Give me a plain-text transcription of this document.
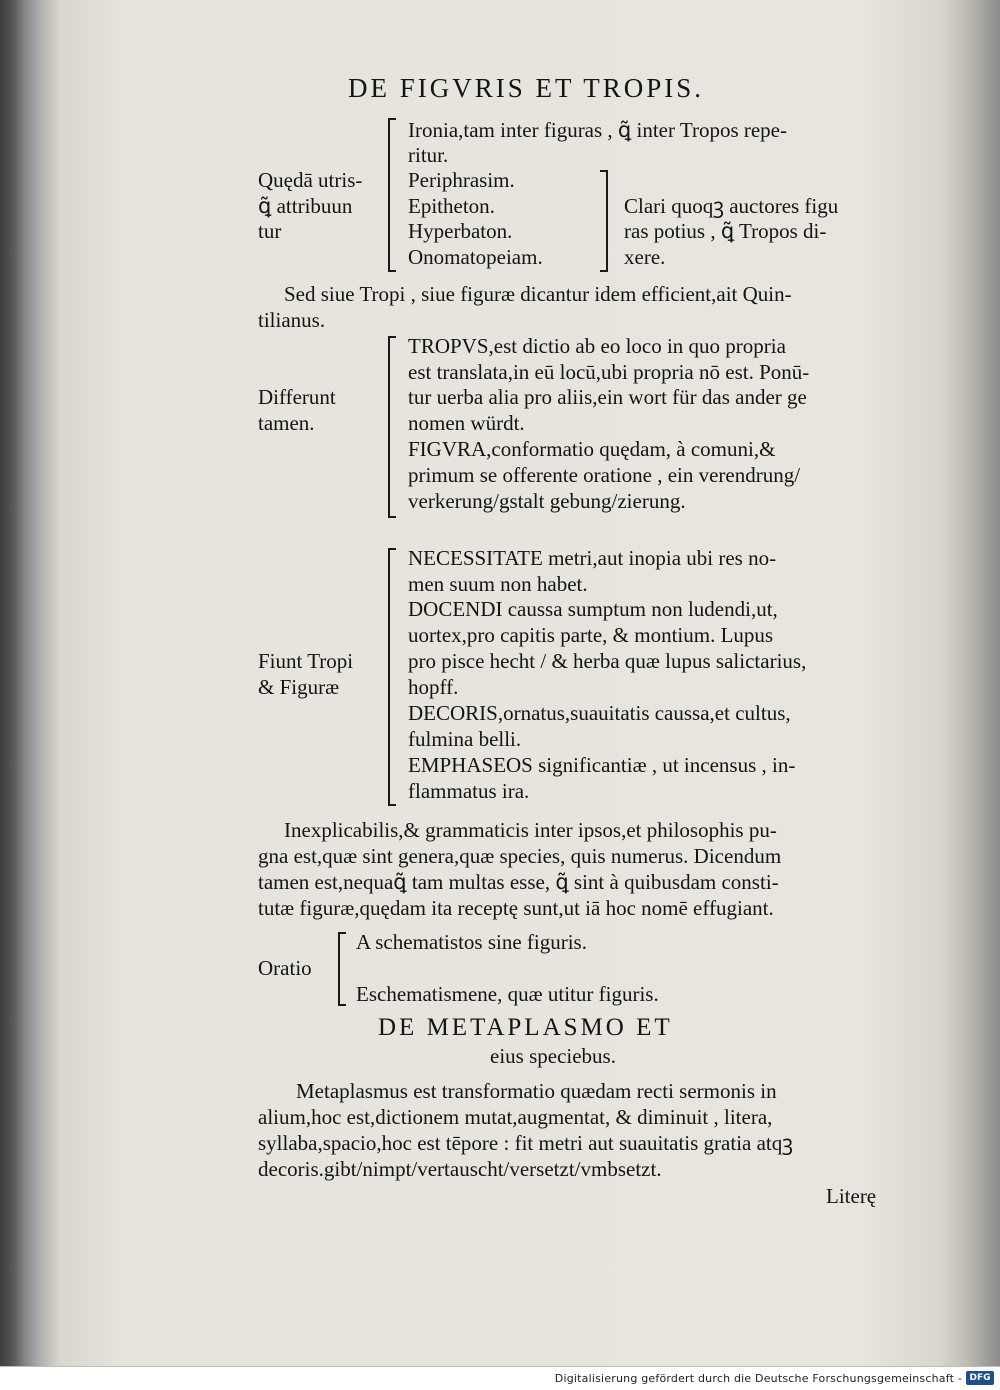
DE FIGVRIS ET TROPIS.
Ironia,tam inter figuras , ꝗ̃ inter Tropos repe-
ritur.
Periphrasim.
Epitheton.
Hyperbaton.
Onomatopeiam.
Quędā utris-
ꝗ̃ attribuun
tur
Clari quoqꝫ auctores figu
ras potius , ꝗ̃ Tropos di-
xere.
Sed siue Tropi , siue figuræ dicantur idem efficient,ait Quin-
tilianus.
TROPVS,est dictio ab eo loco in quo propria
est translata,in eū locū,ubi propria nō est. Ponū-
tur uerba alia pro aliis,ein wort für das ander ge
nomen würdt.
FIGVRA,conformatio quędam, à comuni,&
primum se offerente oratione , ein verendrung/
verkerung/gstalt gebung/zierung.
Differunt
tamen.
NECESSITATE metri,aut inopia ubi res no-
men suum non habet.
DOCENDI caussa sumptum non ludendi,ut,
uortex,pro capitis parte, & montium. Lupus
pro pisce hecht / & herba quæ lupus salictarius,
hopff.
DECORIS,ornatus,suauitatis caussa,et cultus,
fulmina belli.
EMPHASEOS significantiæ , ut incensus , in-
flammatus ira.
Fiunt Tropi
& Figuræ
Inexplicabilis,& grammaticis inter ipsos,et philosophis pu-
gna est,quæ sint genera,quæ species, quis numerus. Dicendum
tamen est,nequaꝗ̃ tam multas esse, ꝗ̃ sint à quibusdam consti-
tutæ figuræ,quędam ita receptę sunt,ut iā hoc nomē effugiant.
A schematistos sine figuris.
Eschematismene, quæ utitur figuris.
Oratio
DE METAPLASMO ET
eius speciebus.
Metaplasmus est transformatio quædam recti sermonis in
alium,hoc est,dictionem mutat,augmentat, & diminuit , litera,
syllaba,spacio,hoc est tēpore : fit metri aut suauitatis gratia atqꝫ
decoris.gibt/nimpt/vertauscht/versetzt/vmbsetzt.
Literę
Digitalisierung gefördert durch die Deutsche Forschungsgemeinschaft - DFG
